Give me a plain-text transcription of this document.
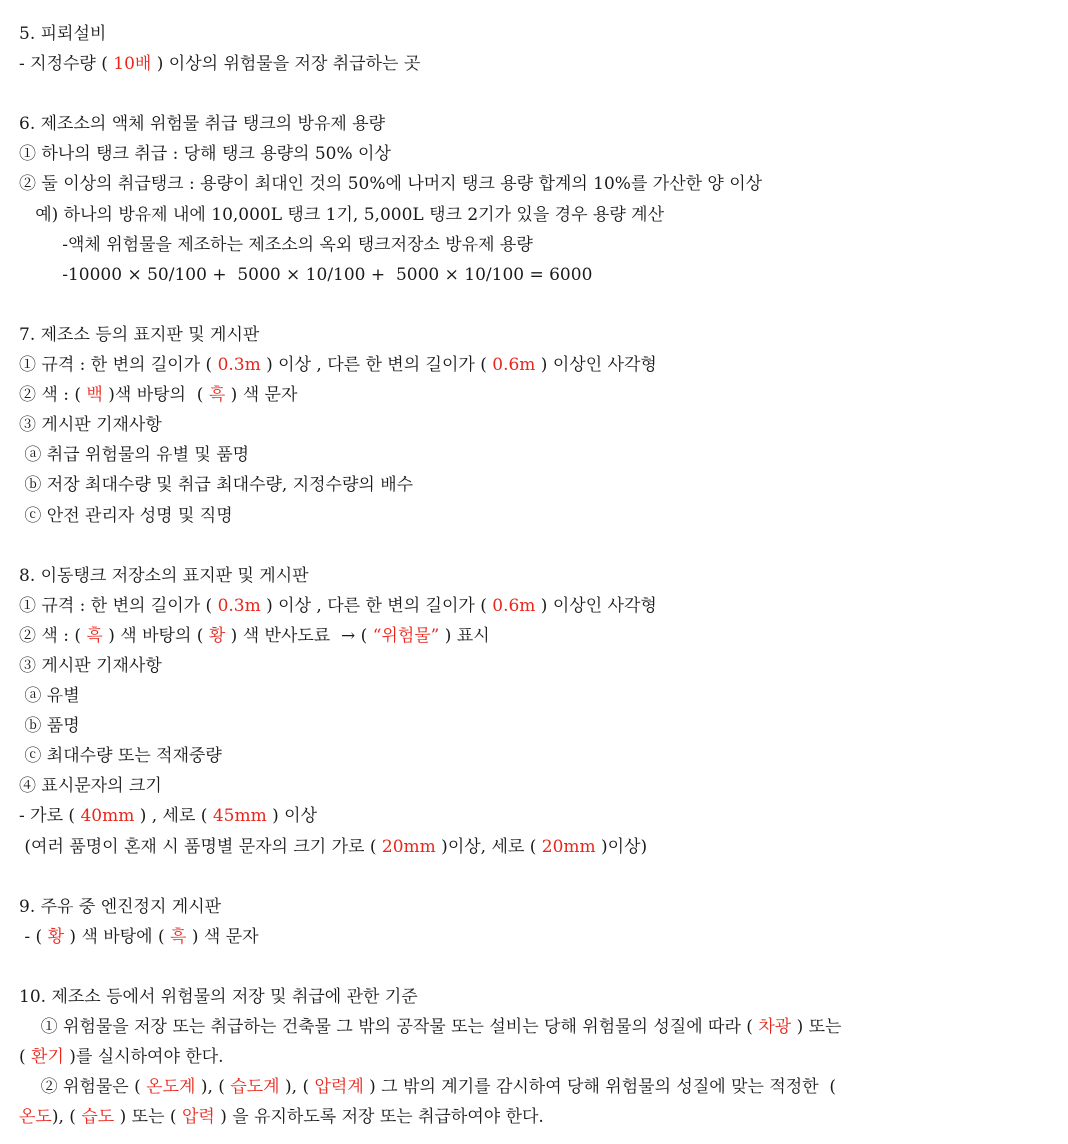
5. 피뢰설비
- 지정수량 ( 10배 ) 이상의 위험물을 저장 취급하는 곳
6. 제조소의 액체 위험물 취급 탱크의 방유제 용량
① 하나의 탱크 취급 : 당해 탱크 용량의 50% 이상
② 둘 이상의 취급탱크 : 용량이 최대인 것의 50%에 나머지 탱크 용량 합계의 10%를 가산한 양 이상
예) 하나의 방유제 내에 10,000L 탱크 1기, 5,000L 탱크 2기가 있을 경우 용량 계산
-액체 위험물을 제조하는 제조소의 옥외 탱크저장소 방유제 용량
-10000 × 50/100 +  5000 × 10/100 +  5000 × 10/100 = 6000
7. 제조소 등의 표지판 및 게시판
① 규격 : 한 변의 길이가 ( 0.3m ) 이상 , 다른 한 변의 길이가 ( 0.6m ) 이상인 사각형
② 색 : ( 백 )색 바탕의  ( 흑 ) 색 문자
③ 게시판 기재사항
ⓐ 취급 위험물의 유별 및 품명
ⓑ 저장 최대수량 및 취급 최대수량, 지정수량의 배수
ⓒ 안전 관리자 성명 및 직명
8. 이동탱크 저장소의 표지판 및 게시판
① 규격 : 한 변의 길이가 ( 0.3m ) 이상 , 다른 한 변의 길이가 ( 0.6m ) 이상인 사각형
② 색 : ( 흑 ) 색 바탕의 ( 황 ) 색 반사도료  → ( “위험물” ) 표시
③ 게시판 기재사항
ⓐ 유별
ⓑ 품명
ⓒ 최대수량 또는 적재중량
④ 표시문자의 크기
- 가로 ( 40mm ) , 세로 ( 45mm ) 이상
(여러 품명이 혼재 시 품명별 문자의 크기 가로 ( 20mm )이상, 세로 ( 20mm )이상)
9. 주유 중 엔진정지 게시판
- ( 황 ) 색 바탕에 ( 흑 ) 색 문자
10. 제조소 등에서 위험물의 저장 및 취급에 관한 기준
① 위험물을 저장 또는 취급하는 건축물 그 밖의 공작물 또는 설비는 당해 위험물의 성질에 따라 ( 차광 ) 또는
( 환기 )를 실시하여야 한다.
② 위험물은 ( 온도계 ), ( 습도계 ), ( 압력계 ) 그 밖의 계기를 감시하여 당해 위험물의 성질에 맞는 적정한  (
온도), ( 습도 ) 또는 ( 압력 ) 을 유지하도록 저장 또는 취급하여야 한다.
